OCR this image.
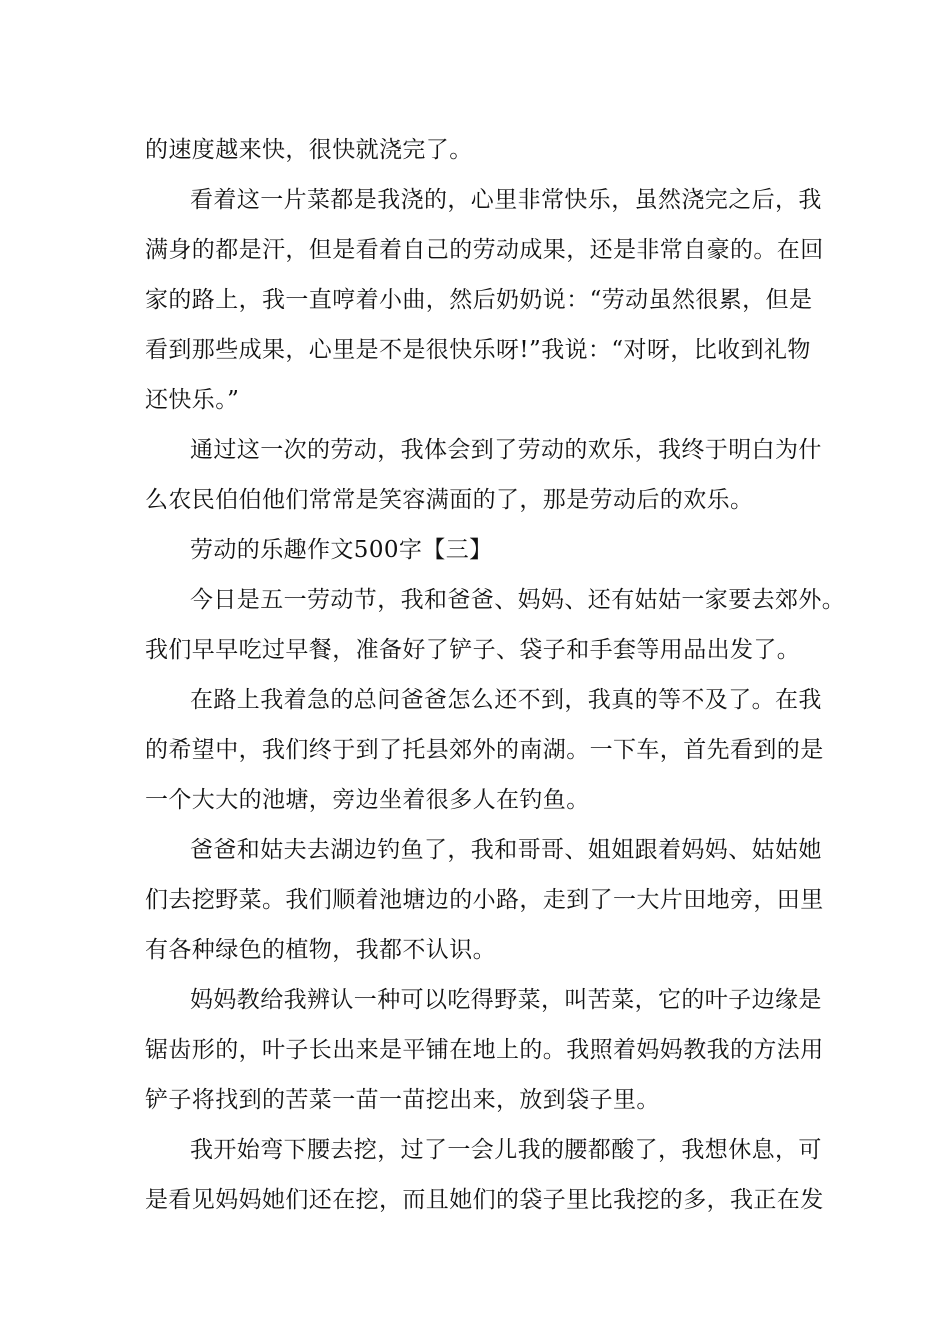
的速度越来快，很快就浇完了。
看着这一片菜都是我浇的，心里非常快乐，虽然浇完之后，我
满身的都是汗，但是看着自己的劳动成果，还是非常自豪的。在回
家的路上，我一直哼着小曲，然后奶奶说：“劳动虽然很累，但是
看到那些成果，心里是不是很快乐呀!”我说：“对呀，比收到礼物
还快乐。”
通过这一次的劳动，我体会到了劳动的欢乐，我终于明白为什
么农民伯伯他们常常是笑容满面的了，那是劳动后的欢乐。
劳动的乐趣作文500字【三】
今日是五一劳动节，我和爸爸、妈妈、还有姑姑一家要去郊外。
我们早早吃过早餐，准备好了铲子、袋子和手套等用品出发了。
在路上我着急的总问爸爸怎么还不到，我真的等不及了。在我
的希望中，我们终于到了托县郊外的南湖。一下车，首先看到的是
一个大大的池塘，旁边坐着很多人在钓鱼。
爸爸和姑夫去湖边钓鱼了，我和哥哥、姐姐跟着妈妈、姑姑她
们去挖野菜。我们顺着池塘边的小路，走到了一大片田地旁，田里
有各种绿色的植物，我都不认识。
妈妈教给我辨认一种可以吃得野菜，叫苦菜，它的叶子边缘是
锯齿形的，叶子长出来是平铺在地上的。我照着妈妈教我的方法用
铲子将找到的苦菜一苗一苗挖出来，放到袋子里。
我开始弯下腰去挖，过了一会儿我的腰都酸了，我想休息，可
是看见妈妈她们还在挖，而且她们的袋子里比我挖的多，我正在发
